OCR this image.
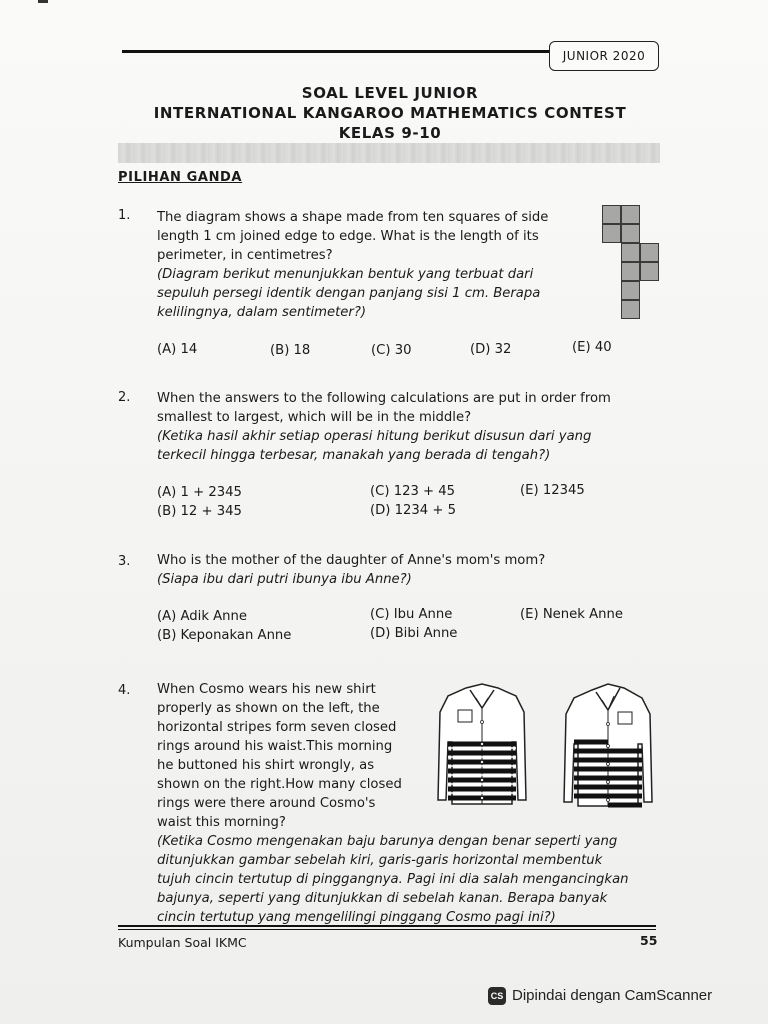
JUNIOR 2020
SOAL LEVEL JUNIOR
INTERNATIONAL KANGAROO MATHEMATICS CONTEST
KELAS 9-10
PILIHAN GANDA
1. The diagram shows a shape made from ten squares of side
length 1 cm joined edge to edge. What is the length of its
perimeter, in centimetres?
(Diagram berikut menunjukkan bentuk yang terbuat dari
sepuluh persegi identik dengan panjang sisi 1 cm. Berapa
kelilingnya, dalam sentimeter?)
(A) 14	(B) 18	(C) 30	(D) 32	(E) 40
2. When the answers to the following calculations are put in order from
smallest to largest, which will be in the middle?
(Ketika hasil akhir setiap operasi hitung berikut disusun dari yang
terkecil hingga terbesar, manakah yang berada di tengah?)
(A) 1 + 2345
(B) 12 + 345
(C) 123 + 45
(D) 1234 + 5
(E) 12345
3. Who is the mother of the daughter of Anne's mom's mom?
(Siapa ibu dari putri ibunya ibu Anne?)
(A) Adik Anne
(B) Keponakan Anne
(C) Ibu Anne
(D) Bibi Anne
(E) Nenek Anne
4. When Cosmo wears his new shirt
properly as shown on the left, the
horizontal stripes form seven closed
rings around his waist.This morning
he buttoned his shirt wrongly, as
shown on the right.How many closed
rings were there around Cosmo's
waist this morning?
(Ketika Cosmo mengenakan baju barunya dengan benar seperti yang
ditunjukkan gambar sebelah kiri, garis-garis horizontal membentuk
tujuh cincin tertutup di pinggangnya. Pagi ini dia salah mengancingkan
bajunya, seperti yang ditunjukkan di sebelah kanan. Berapa banyak
cincin tertutup yang mengelilingi pinggang Cosmo pagi ini?)
Kumpulan Soal IKMC	55
CS Dipindai dengan CamScanner
